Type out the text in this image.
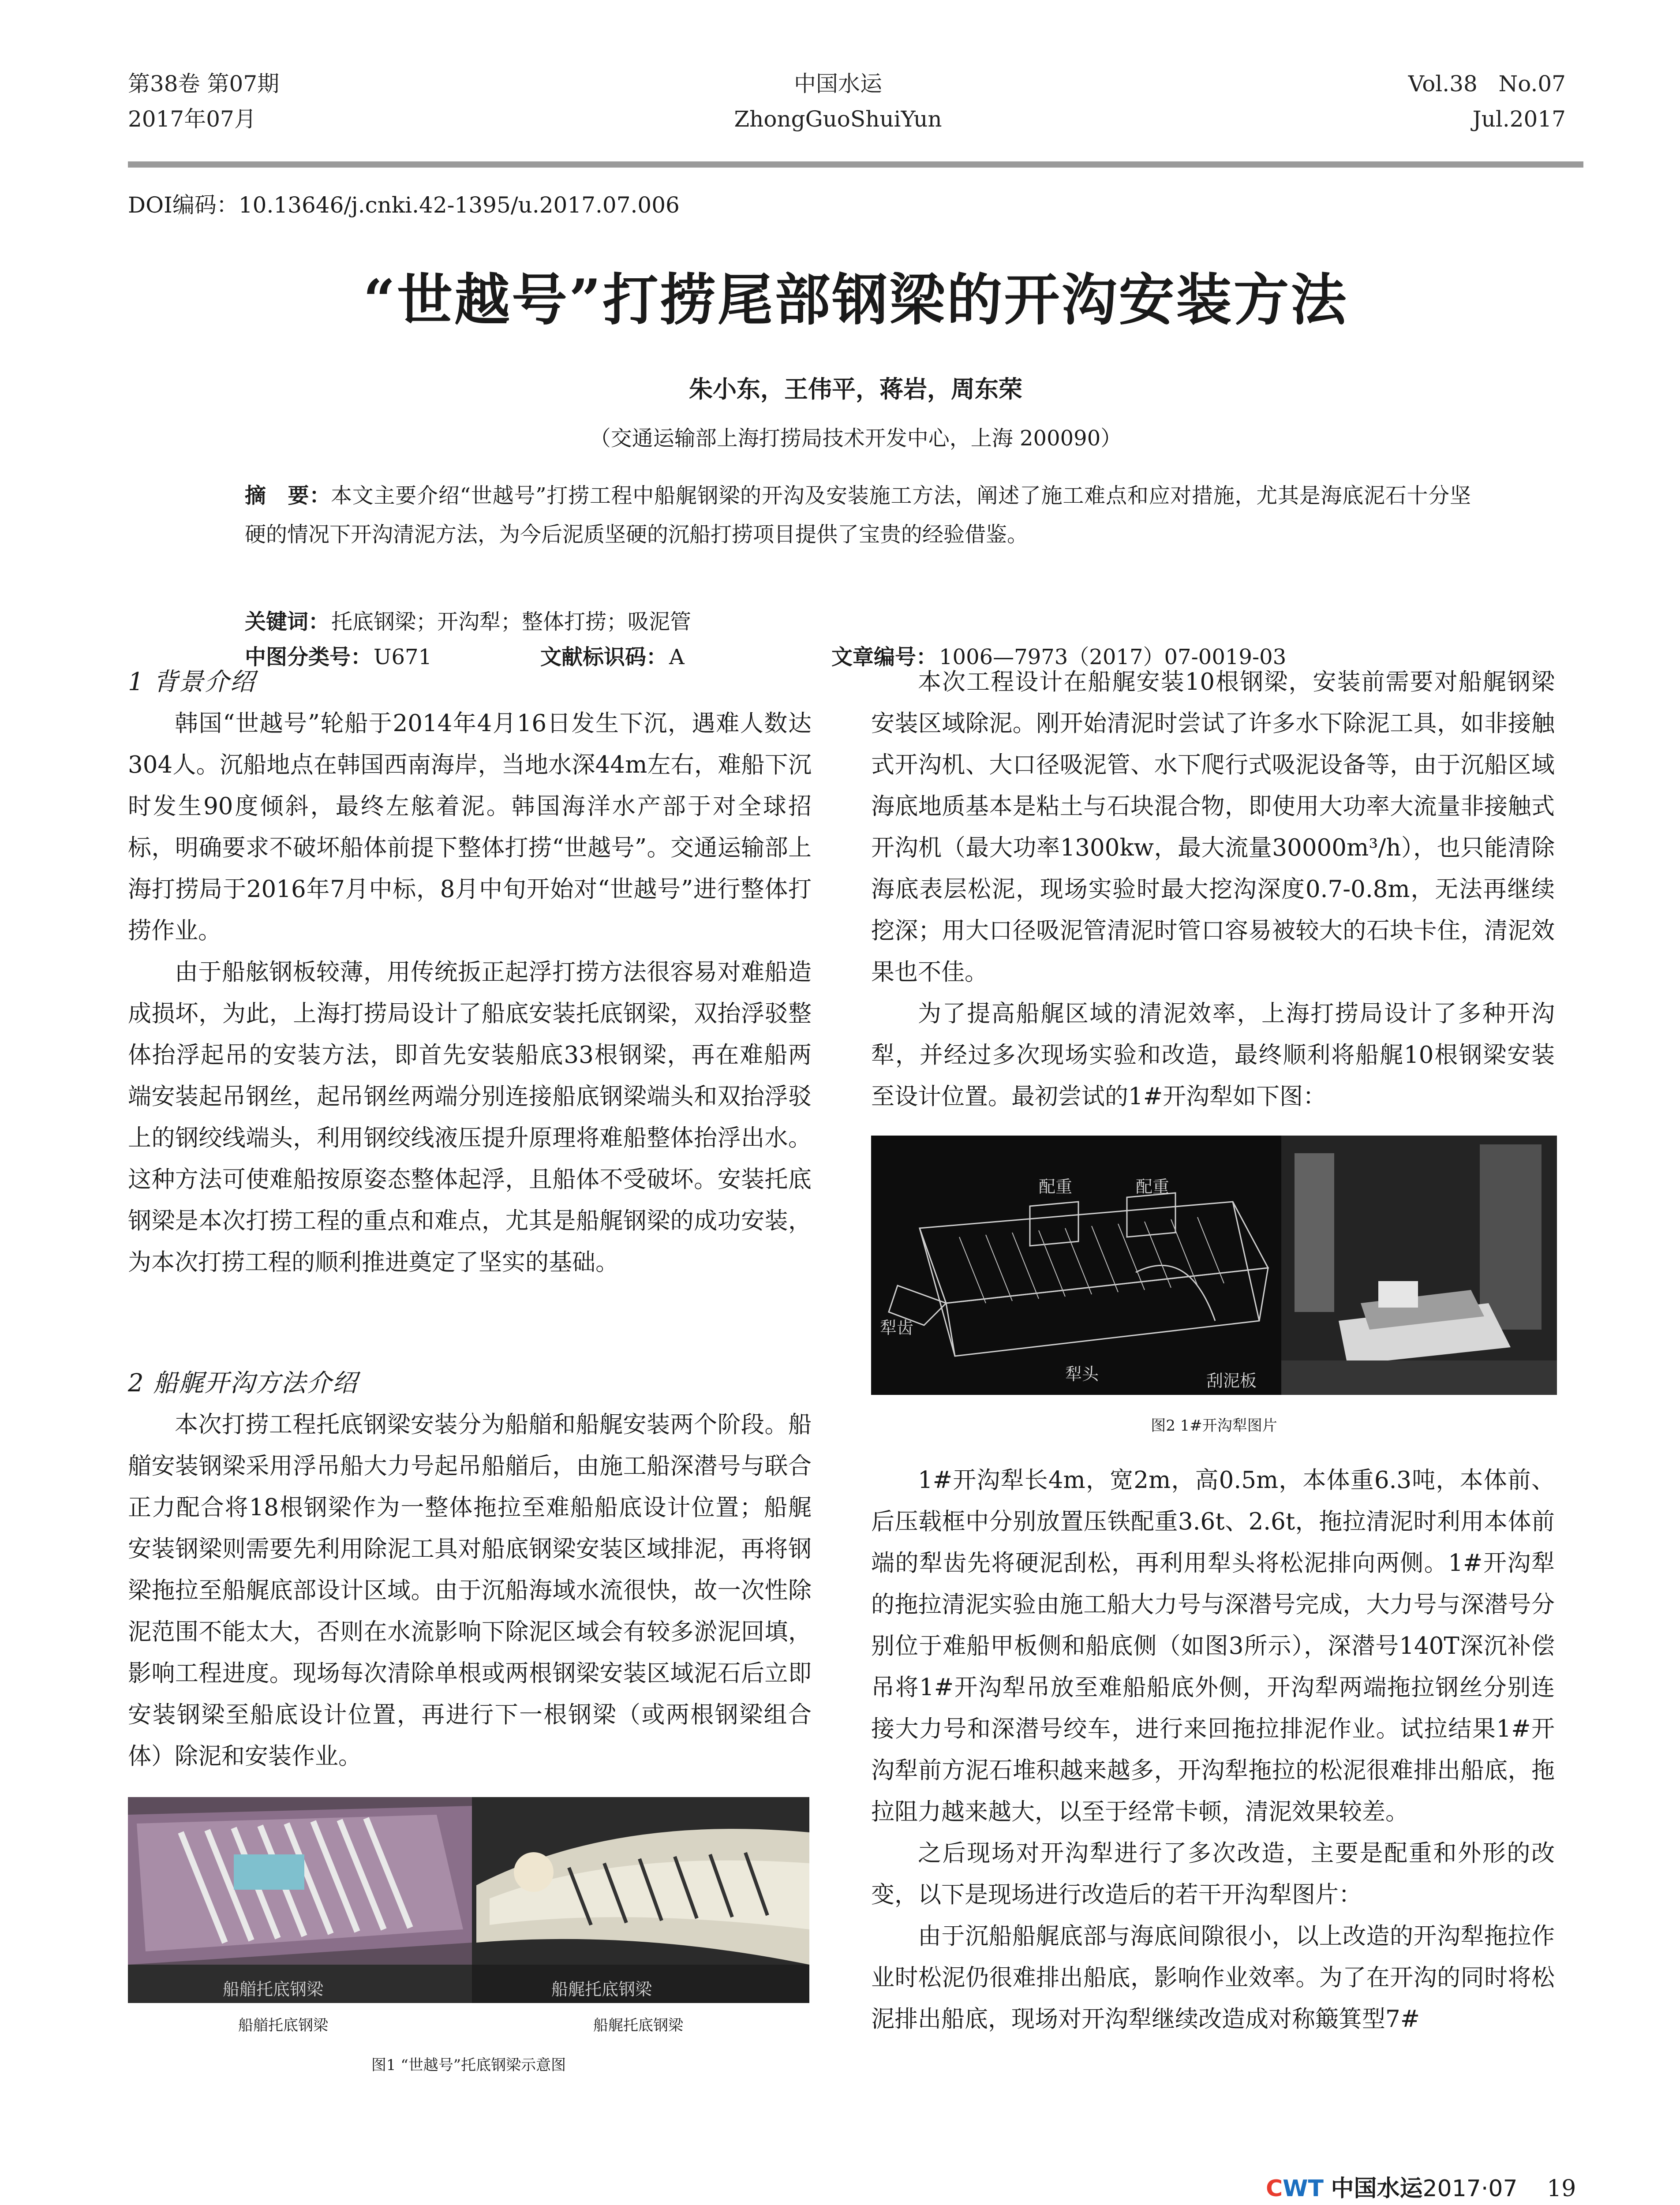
第38卷 第07期
2017年07月
中国水运
ZhongGuoShuiYun
Vol.38   No.07
Jul.2017
DOI编码：10.13646/j.cnki.42-1395/u.2017.07.006
“世越号”打捞尾部钢梁的开沟安装方法
朱小东，王伟平，蒋岩，周东荣
（交通运输部上海打捞局技术开发中心，上海 200090）
摘　要：本文主要介绍“世越号”打捞工程中船艉钢梁的开沟及安装施工方法，阐述了施工难点和应对措施，尤其是海底泥石十分坚硬的情况下开沟清泥方法，为今后泥质坚硬的沉船打捞项目提供了宝贵的经验借鉴。
关键词：托底钢梁；开沟犁；整体打捞；吸泥管
中图分类号：U671	文献标识码：A	文章编号：1006—7973（2017）07-0019-03
1 背景介绍

韩国“世越号”轮船于2014年4月16日发生下沉，遇难人数达304人。沉船地点在韩国西南海岸，当地水深44m左右，难船下沉时发生90度倾斜，最终左舷着泥。韩国海洋水产部于对全球招标，明确要求不破坏船体前提下整体打捞“世越号”。交通运输部上海打捞局于2016年7月中标，8月中旬开始对“世越号”进行整体打捞作业。

由于船舷钢板较薄，用传统扳正起浮打捞方法很容易对难船造成损坏，为此，上海打捞局设计了船底安装托底钢梁，双抬浮驳整体抬浮起吊的安装方法，即首先安装船底33根钢梁，再在难船两端安装起吊钢丝，起吊钢丝两端分别连接船底钢梁端头和双抬浮驳上的钢绞线端头，利用钢绞线液压提升原理将难船整体抬浮出水。这种方法可使难船按原姿态整体起浮，且船体不受破坏。安装托底钢梁是本次打捞工程的重点和难点，尤其是船艉钢梁的成功安装，为本次打捞工程的顺利推进奠定了坚实的基础。

2 船艉开沟方法介绍

本次打捞工程托底钢梁安装分为船艏和船艉安装两个阶段。船艏安装钢梁采用浮吊船大力号起吊船艏后，由施工船深潜号与联合正力配合将18根钢梁作为一整体拖拉至难船船底设计位置；船艉安装钢梁则需要先利用除泥工具对船底钢梁安装区域排泥，再将钢梁拖拉至船艉底部设计区域。由于沉船海域水流很快，故一次性除泥范围不能太大，否则在水流影响下除泥区域会有较多淤泥回填，影响工程进度。现场每次清除单根或两根钢梁安装区域泥石后立即安装钢梁至船底设计位置，再进行下一根钢梁（或两根钢梁组合体）除泥和安装作业。

船艏托底钢梁	船艉托底钢梁
船艏托底钢梁	船艉托底钢梁
图1 “世越号”托底钢梁示意图

本次工程设计在船艉安装10根钢梁，安装前需要对船艉钢梁安装区域除泥。刚开始清泥时尝试了许多水下除泥工具，如非接触式开沟机、大口径吸泥管、水下爬行式吸泥设备等，由于沉船区域海底地质基本是粘土与石块混合物，即使用大功率大流量非接触式开沟机（最大功率1300kw，最大流量30000m³/h），也只能清除海底表层松泥，现场实验时最大挖沟深度0.7-0.8m，无法再继续挖深；用大口径吸泥管清泥时管口容易被较大的石块卡住，清泥效果也不佳。

为了提高船艉区域的清泥效率，上海打捞局设计了多种开沟犁，并经过多次现场实验和改造，最终顺利将船艉10根钢梁安装至设计位置。最初尝试的1#开沟犁如下图：

配重	配重
犁齿
犁头	刮泥板
图2 1#开沟犁图片

1#开沟犁长4m，宽2m，高0.5m，本体重6.3吨，本体前、后压载框中分别放置压铁配重3.6t、2.6t，拖拉清泥时利用本体前端的犁齿先将硬泥刮松，再利用犁头将松泥排向两侧。1#开沟犁的拖拉清泥实验由施工船大力号与深潜号完成，大力号与深潜号分别位于难船甲板侧和船底侧（如图3所示），深潜号140T深沉补偿吊将1#开沟犁吊放至难船船底外侧，开沟犁两端拖拉钢丝分别连接大力号和深潜号绞车，进行来回拖拉排泥作业。试拉结果1#开沟犁前方泥石堆积越来越多，开沟犁拖拉的松泥很难排出船底，拖拉阻力越来越大，以至于经常卡顿，清泥效果较差。

之后现场对开沟犁进行了多次改造，主要是配重和外形的改变，以下是现场进行改造后的若干开沟犁图片：

由于沉船船艉底部与海底间隙很小，以上改造的开沟犁拖拉作业时松泥仍很难排出船底，影响作业效率。为了在开沟的同时将松泥排出船底，现场对开沟犁继续改造成对称簸箕型7#

CWT 中国水运2017·07 19
